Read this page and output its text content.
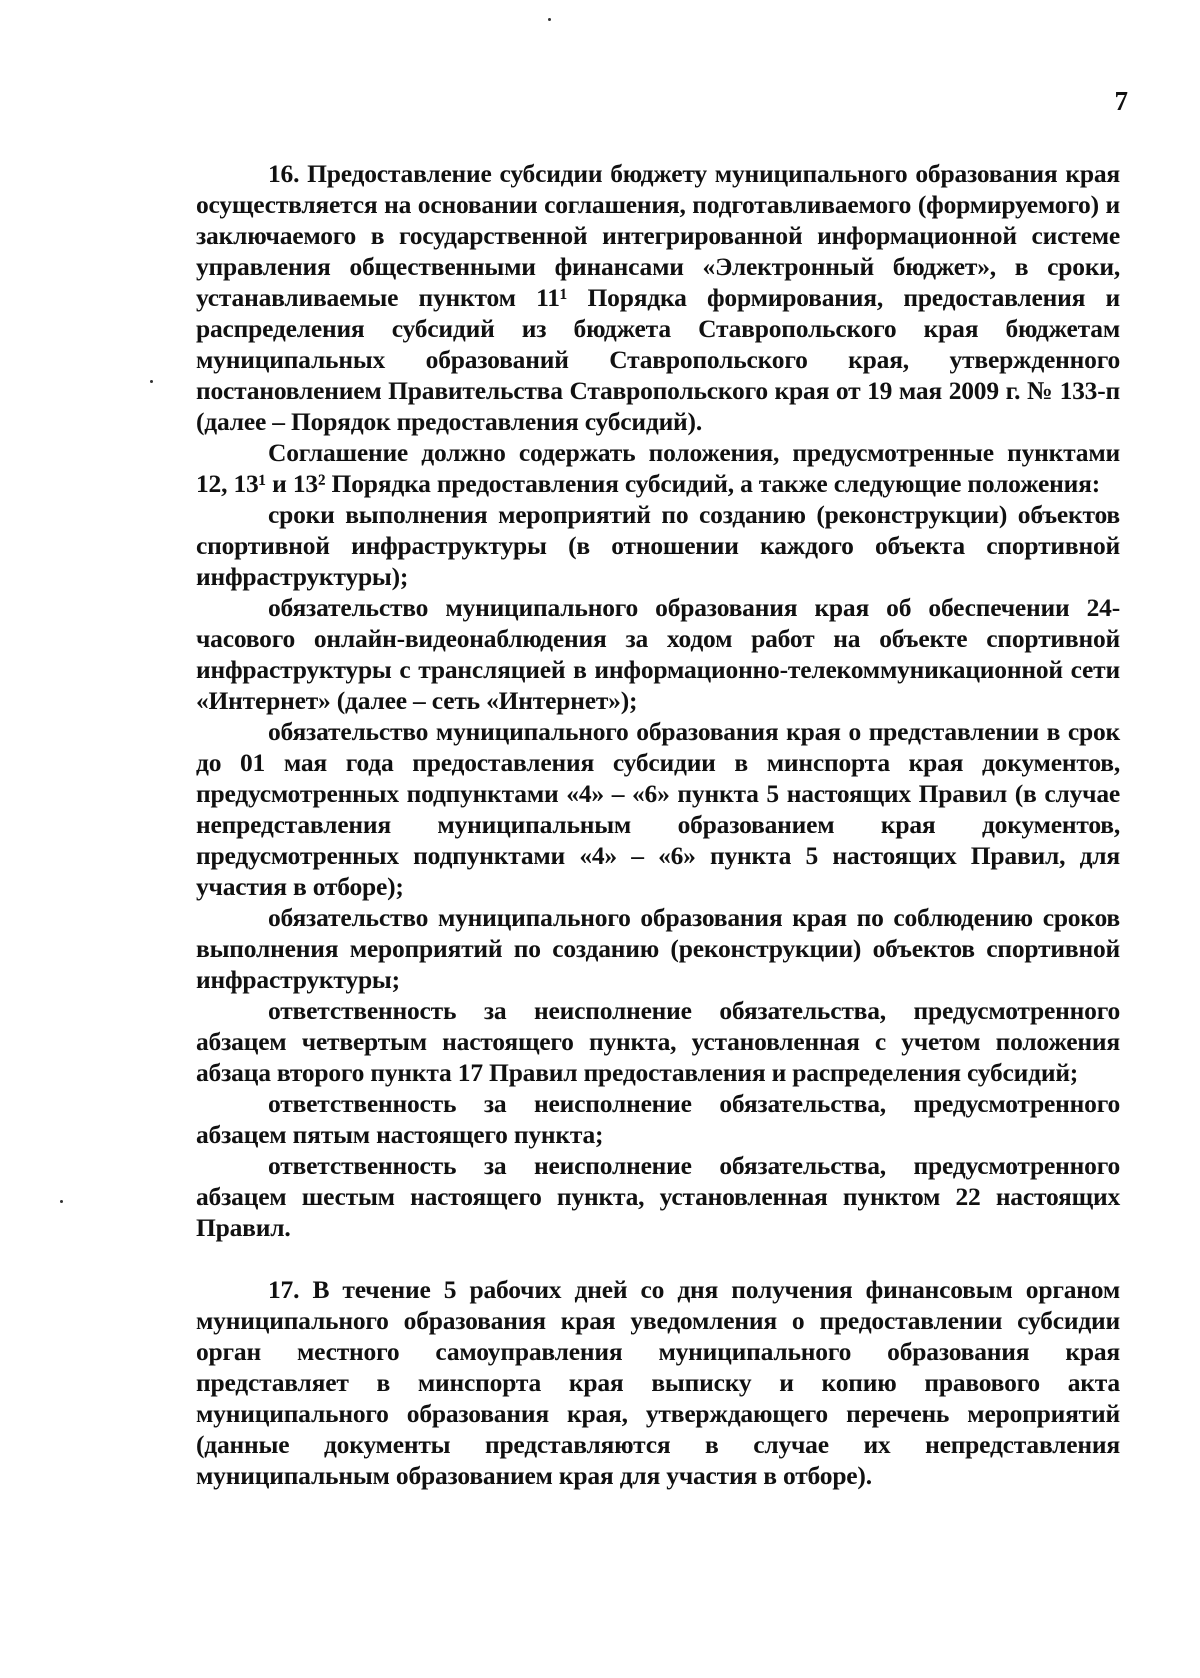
7

16. Предоставление субсидии бюджету муниципального образования края осуществляется на основании соглашения, подготавливаемого (формируемого) и заключаемого в государственной интегрированной информационной системе управления общественными финансами «Электронный бюджет», в сроки, устанавливаемые пунктом 11¹ Порядка формирования, предоставления и распределения субсидий из бюджета Ставропольского края бюджетам муниципальных образований Ставропольского края, утвержденного постановлением Правительства Ставропольского края от 19 мая 2009 г. № 133-п (далее – Порядок предоставления субсидий).

Соглашение должно содержать положения, предусмотренные пунктами 12, 13¹ и 13² Порядка предоставления субсидий, а также следующие положения:

сроки выполнения мероприятий по созданию (реконструкции) объектов спортивной инфраструктуры (в отношении каждого объекта спортивной инфраструктуры);

обязательство муниципального образования края об обеспечении 24-часового онлайн-видеонаблюдения за ходом работ на объекте спортивной инфраструктуры с трансляцией в информационно-телекоммуникационной сети «Интернет» (далее – сеть «Интернет»);

обязательство муниципального образования края о представлении в срок до 01 мая года предоставления субсидии в минспорта края документов, предусмотренных подпунктами «4» – «6» пункта 5 настоящих Правил (в случае непредставления муниципальным образованием края документов, предусмотренных подпунктами «4» – «6» пункта 5 настоящих Правил, для участия в отборе);

обязательство муниципального образования края по соблюдению сроков выполнения мероприятий по созданию (реконструкции) объектов спортивной инфраструктуры;

ответственность за неисполнение обязательства, предусмотренного абзацем четвертым настоящего пункта, установленная с учетом положения абзаца второго пункта 17 Правил предоставления и распределения субсидий;

ответственность за неисполнение обязательства, предусмотренного абзацем пятым настоящего пункта;

ответственность за неисполнение обязательства, предусмотренного абзацем шестым настоящего пункта, установленная пунктом 22 настоящих Правил.

17. В течение 5 рабочих дней со дня получения финансовым органом муниципального образования края уведомления о предоставлении субсидии орган местного самоуправления муниципального образования края представляет в минспорта края выписку и копию правового акта муниципального образования края, утверждающего перечень мероприятий (данные документы представляются в случае их непредставления муниципальным образованием края для участия в отборе).
